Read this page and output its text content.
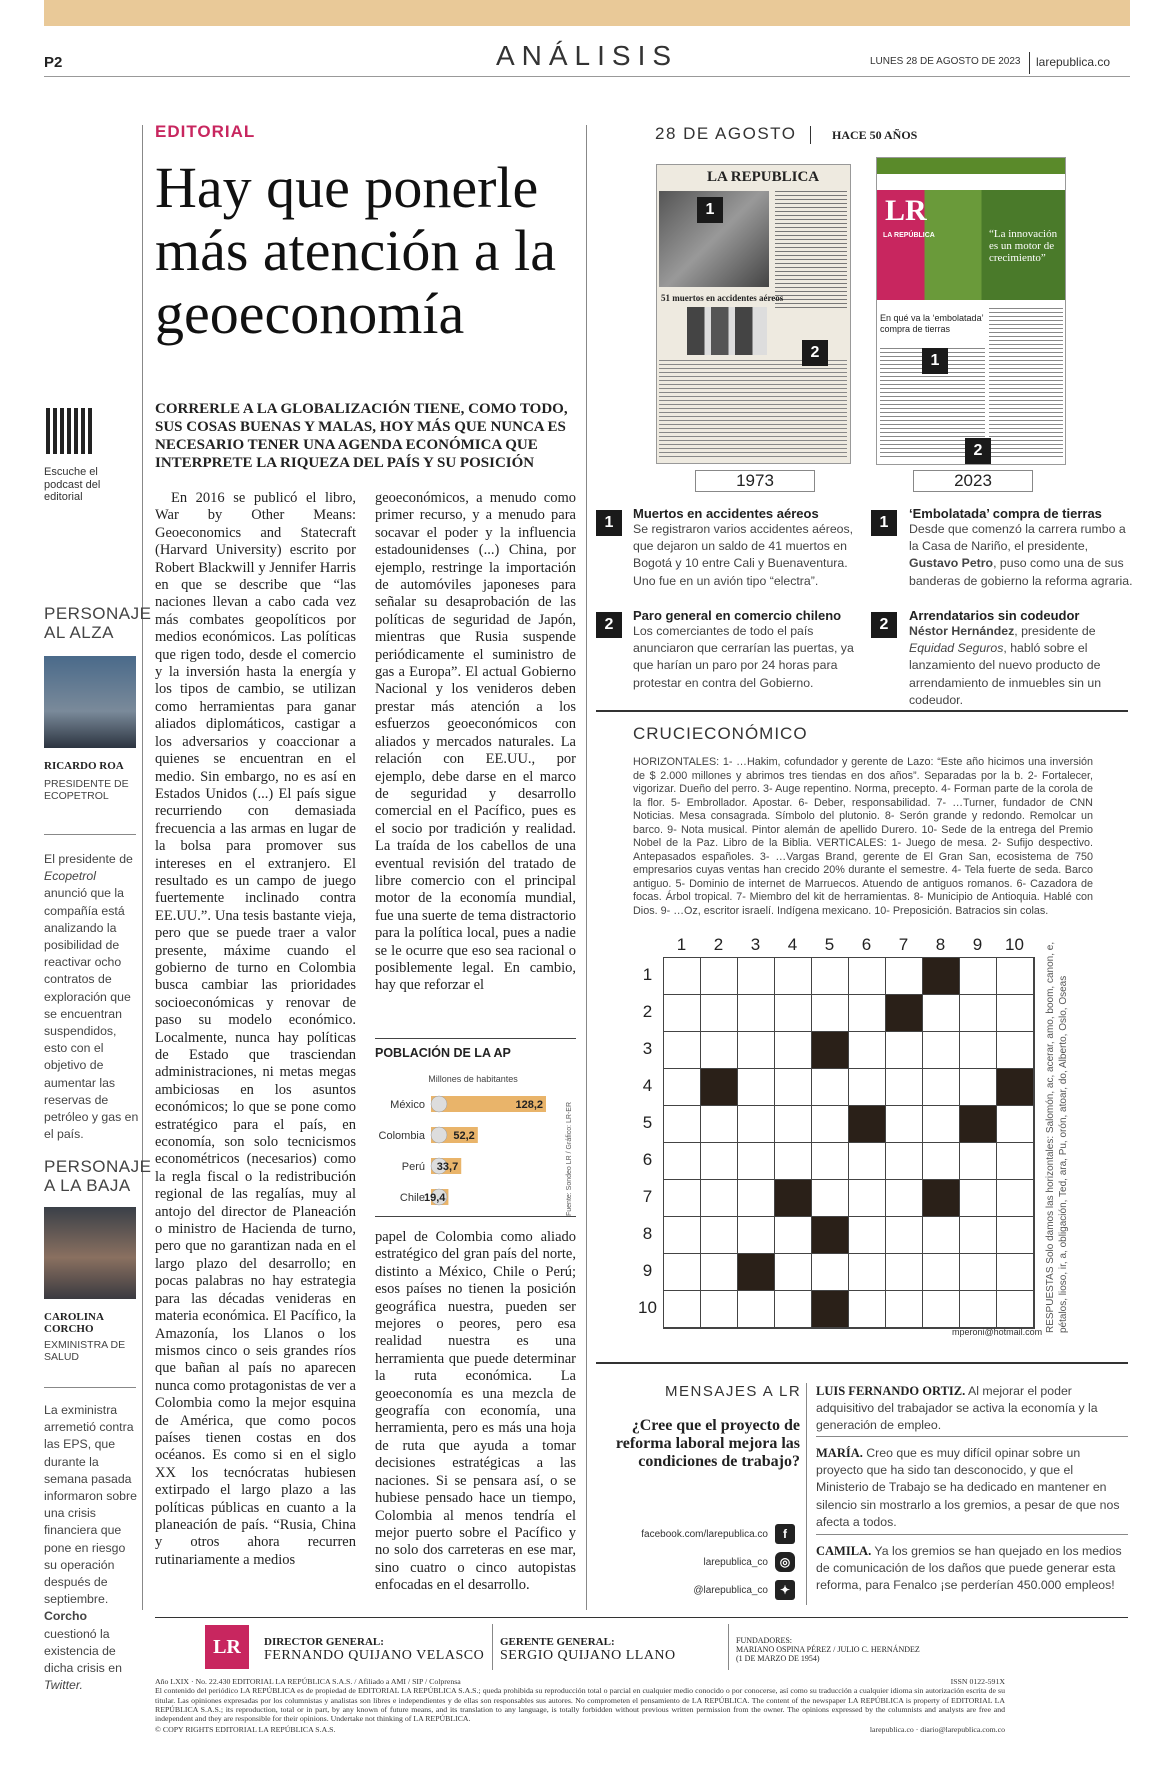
P2	ANÁLISIS	LUNES 28 DE AGOSTO DE 2023 larepublica.co
Escuche el podcast del editorial
PERSONAJE
AL ALZA
RICARDO ROA
PRESIDENTE DE
ECOPETROL
El presidente de Ecopetrol anunció que la compañía está analizando la posibilidad de reactivar ocho contratos de exploración que se encuentran suspendidos, esto con el objetivo de aumentar las reservas de petróleo y gas en el país.
PERSONAJE
A LA BAJA
CAROLINA
CORCHO
EXMINISTRA DE
SALUD
La exministra arremetió contra las EPS, que durante la semana pasada informaron sobre una crisis financiera que pone en riesgo su operación después de septiembre. Corcho cuestionó la existencia de dicha crisis en Twitter.
EDITORIAL
Hay que ponerle más atención a la geoeconomía
CORRERLE A LA GLOBALIZACIÓN TIENE, COMO TODO, SUS COSAS BUENAS Y MALAS, HOY MÁS QUE NUNCA ES NECESARIO TENER UNA AGENDA ECONÓMICA QUE INTERPRETE LA RIQUEZA DEL PAÍS Y SU POSICIÓN
En 2016 se publicó el libro, War by Other Means: Geoeconomics and Statecraft (Harvard University) escrito por Robert Blackwill y Jennifer Harris en que se describe que “las naciones llevan a cabo cada vez más combates geopolíticos por medios económicos. Las políticas que rigen todo, desde el comercio y la inversión hasta la energía y los tipos de cambio, se utilizan como herramientas para ganar aliados diplomáticos, castigar a los adversarios y coaccionar a quienes se encuentran en el medio. Sin embargo, no es así en Estados Unidos (...) El país sigue recurriendo con demasiada frecuencia a las armas en lugar de la bolsa para promover sus intereses en el extranjero. El resultado es un campo de juego fuertemente inclinado contra EE.UU.”. Una tesis bastante vieja, pero que se puede traer a valor presente, máxime cuando el gobierno de turno en Colombia busca cambiar las prioridades socioeconómicas y renovar de paso su modelo económico. Localmente, nunca hay políticas de Estado que trasciendan administraciones, ni metas megas ambiciosas en los asuntos económicos; lo que se pone como estratégico para el país, en economía, son solo tecnicismos econométricos (necesarios) como la regla fiscal o la redistribución regional de las regalías, muy al antojo del director de Planeación o ministro de Hacienda de turno, pero que no garantizan nada en el largo plazo del desarrollo; en pocas palabras no hay estrategia para las décadas venideras en materia económica. El Pacífico, la Amazonía, los Llanos o los mismos cinco o seis grandes ríos que bañan al país no aparecen nunca como protagonistas de ver a Colombia como la mejor esquina de América, que como pocos países tienen costas en dos océanos. Es como si en el siglo XX los tecnócratas hubiesen extirpado el largo plazo a las políticas públicas en cuanto a la planeación de país. “Rusia, China y otros ahora recurren rutinariamente a medios
geoeconómicos, a menudo como primer recurso, y a menudo para socavar el poder y la influencia estadounidenses (...) China, por ejemplo, restringe la importación de automóviles japoneses para señalar su desaprobación de las políticas de seguridad de Japón, mientras que Rusia suspende periódicamente el suministro de gas a Europa”. El actual Gobierno Nacional y los venideros deben prestar más atención a los esfuerzos geoeconómicos con aliados y mercados naturales. La relación con EE.UU., por ejemplo, debe darse en el marco de seguridad y desarrollo comercial en el Pacífico, pues es el socio por tradición y realidad. La traída de los cabellos de una eventual revisión del tratado de libre comercio con el principal motor de la economía mundial, fue una suerte de tema distractorio para la política local, pues a nadie se le ocurre que eso sea racional o posiblemente legal. En cambio, hay que reforzar el
POBLACIÓN DE LA AP
Millones de habitantes
México	128,2
Colombia	52,2
Perú 33,7
Chile
19,4	Fuente: Sondeo LR / Gráfico: LR-ER
papel de Colombia como aliado estratégico del gran país del norte, distinto a México, Chile o Perú; esos países no tienen la posición geográfica nuestra, pueden ser mejores o peores, pero esa realidad nuestra es una herramienta que puede determinar la ruta económica. La geoeconomía es una mezcla de geografía con economía, una herramienta, pero es más una hoja de ruta que ayuda a tomar decisiones estratégicas a las naciones. Si se pensara así, o se hubiese pensado hace un tiempo, Colombia al menos tendría el mejor puerto sobre el Pacífico y no solo dos carreteras en ese mar, sino cuatro o cinco autopistas enfocadas en el desarrollo.
28 DE AGOSTO	HACE 50 AÑOS
LA REPUBLICA
51 muertos en accidentes aéreos
1
2
LR
LA REPÚBLICA	“La innovación es un motor de crecimiento”
En qué va la ‘embolatada’ compra de tierras
1
2
1973	2023
1
Muertos en accidentes aéreos
Se registraron varios accidentes aéreos, que dejaron un saldo de 41 muertos en Bogotá y 10 entre Cali y Buenaventura. Uno fue en un avión tipo “electra”.
2
Paro general en comercio chileno
Los comerciantes de todo el país anunciaron que cerrarían las puertas, ya que harían un paro por 24 horas para protestar en contra del Gobierno.
1
‘Embolatada’ compra de tierras
Desde que comenzó la carrera rumbo a la Casa de Nariño, el presidente, Gustavo Petro, puso como una de sus banderas de gobierno la reforma agraria.
2
Arrendatarios sin codeudor
Néstor Hernández, presidente de Equidad Seguros, habló sobre el lanzamiento del nuevo producto de arrendamiento de inmuebles sin un codeudor.
CRUCIECONÓMICO
HORIZONTALES: 1- …Hakim, cofundador y gerente de Lazo: “Este año hicimos una inversión de $ 2.000 millones y abrimos tres tiendas en dos años”. Separadas por la b. 2- Fortalecer, vigorizar. Dueño del perro. 3- Auge repentino. Norma, precepto. 4- Forman parte de la corola de la flor. 5- Embrollador. Apostar. 6- Deber, responsabilidad. 7- …Turner, fundador de CNN Noticias. Mesa consagrada. Símbolo del plutonio. 8- Serón grande y redondo. Remolcar un barco. 9- Nota musical. Pintor alemán de apellido Durero. 10- Sede de la entrega del Premio Nobel de la Paz. Libro de la Biblia. VERTICALES: 1- Juego de mesa. 2- Sufijo despectivo. Antepasados españoles. 3- …Vargas Brand, gerente de El Gran San, ecosistema de 750 empresarios cuyas ventas han crecido 20% durante el semestre. 4- Tela fuerte de seda. Barco antiguo. 5- Dominio de internet de Marruecos. Atuendo de antiguos romanos. 6- Cazadora de focas. Árbol tropical. 7- Miembro del kit de herramientas. 8- Municipio de Antioquia. Hablé con Dios. 9- …Oz, escritor israelí. Indígena mexicano. 10- Preposición. Batracios sin colas.
1	2	3	4	5	6	7	8	9	10
1
2
3
4
5
6
7
8
9
10	RESPUESTAS Solo damos las horizontales: Salomón, ac, acerar, amo, boom, canon, e, pétalos, lioso, ir, a, obligación, Ted, ara, Pu, orón, atoar, do, Alberto, Oslo, Oseas
mperoni@hotmail.com
MENSAJES A LR
¿Cree que el proyecto de reforma laboral mejora las condiciones de trabajo?
facebook.com/larepublica.co	f
larepublica_co ◎
@larepublica_co ✦
LUIS FERNANDO ORTIZ. Al mejorar el poder adquisitivo del trabajador se activa la economía y la generación de empleo.
MARÍA. Creo que es muy difícil opinar sobre un proyecto que ha sido tan desconocido, y que el Ministerio de Trabajo se ha dedicado en mantener en silencio sin mostrarlo a los gremios, a pesar de que nos afecta a todos.
CAMILA. Ya los gremios se han quejado en los medios de comunicación de los daños que puede generar esta reforma, para Fenalco ¡se perderían 450.000 empleos!
LR	DIRECTOR GENERAL:
FERNANDO QUIJANO VELASCO
GERENTE GENERAL:
SERGIO QUIJANO LLANO
FUNDADORES:
MARIANO OSPINA PÉREZ / JULIO C. HERNÁNDEZ
(1 DE MARZO DE 1954)
Año LXIX · No. 22.430 EDITORIAL LA REPÚBLICA S.A.S. / Afiliado a AMI / SIP / Colprensa	ISSN 0122-591X
El contenido del periódico LA REPÚBLICA es de propiedad de EDITORIAL LA REPÚBLICA S.A.S.; queda prohibida su reproducción total o parcial en cualquier medio conocido o por conocerse, así como su traducción a cualquier idioma sin autorización escrita de su titular. Las opiniones expresadas por los columnistas y analistas son libres e independientes y de ellas son responsables sus autores. No comprometen el pensamiento de LA REPÚBLICA. The content of the newspaper LA REPÚBLICA is property of EDITORIAL LA REPÚBLICA S.A.S.; its reproduction, total or in part, by any known of future means, and its translation to any language, is totally forbidden without previous written permission from the owner. The opinions expressed by the columnists and analysts are free and independent and they are responsible for their opinions. Undertake not thinking of LA REPÚBLICA.
© COPY RIGHTS EDITORIAL LA REPÚBLICA S.A.S.	larepublica.co · diario@larepublica.com.co
